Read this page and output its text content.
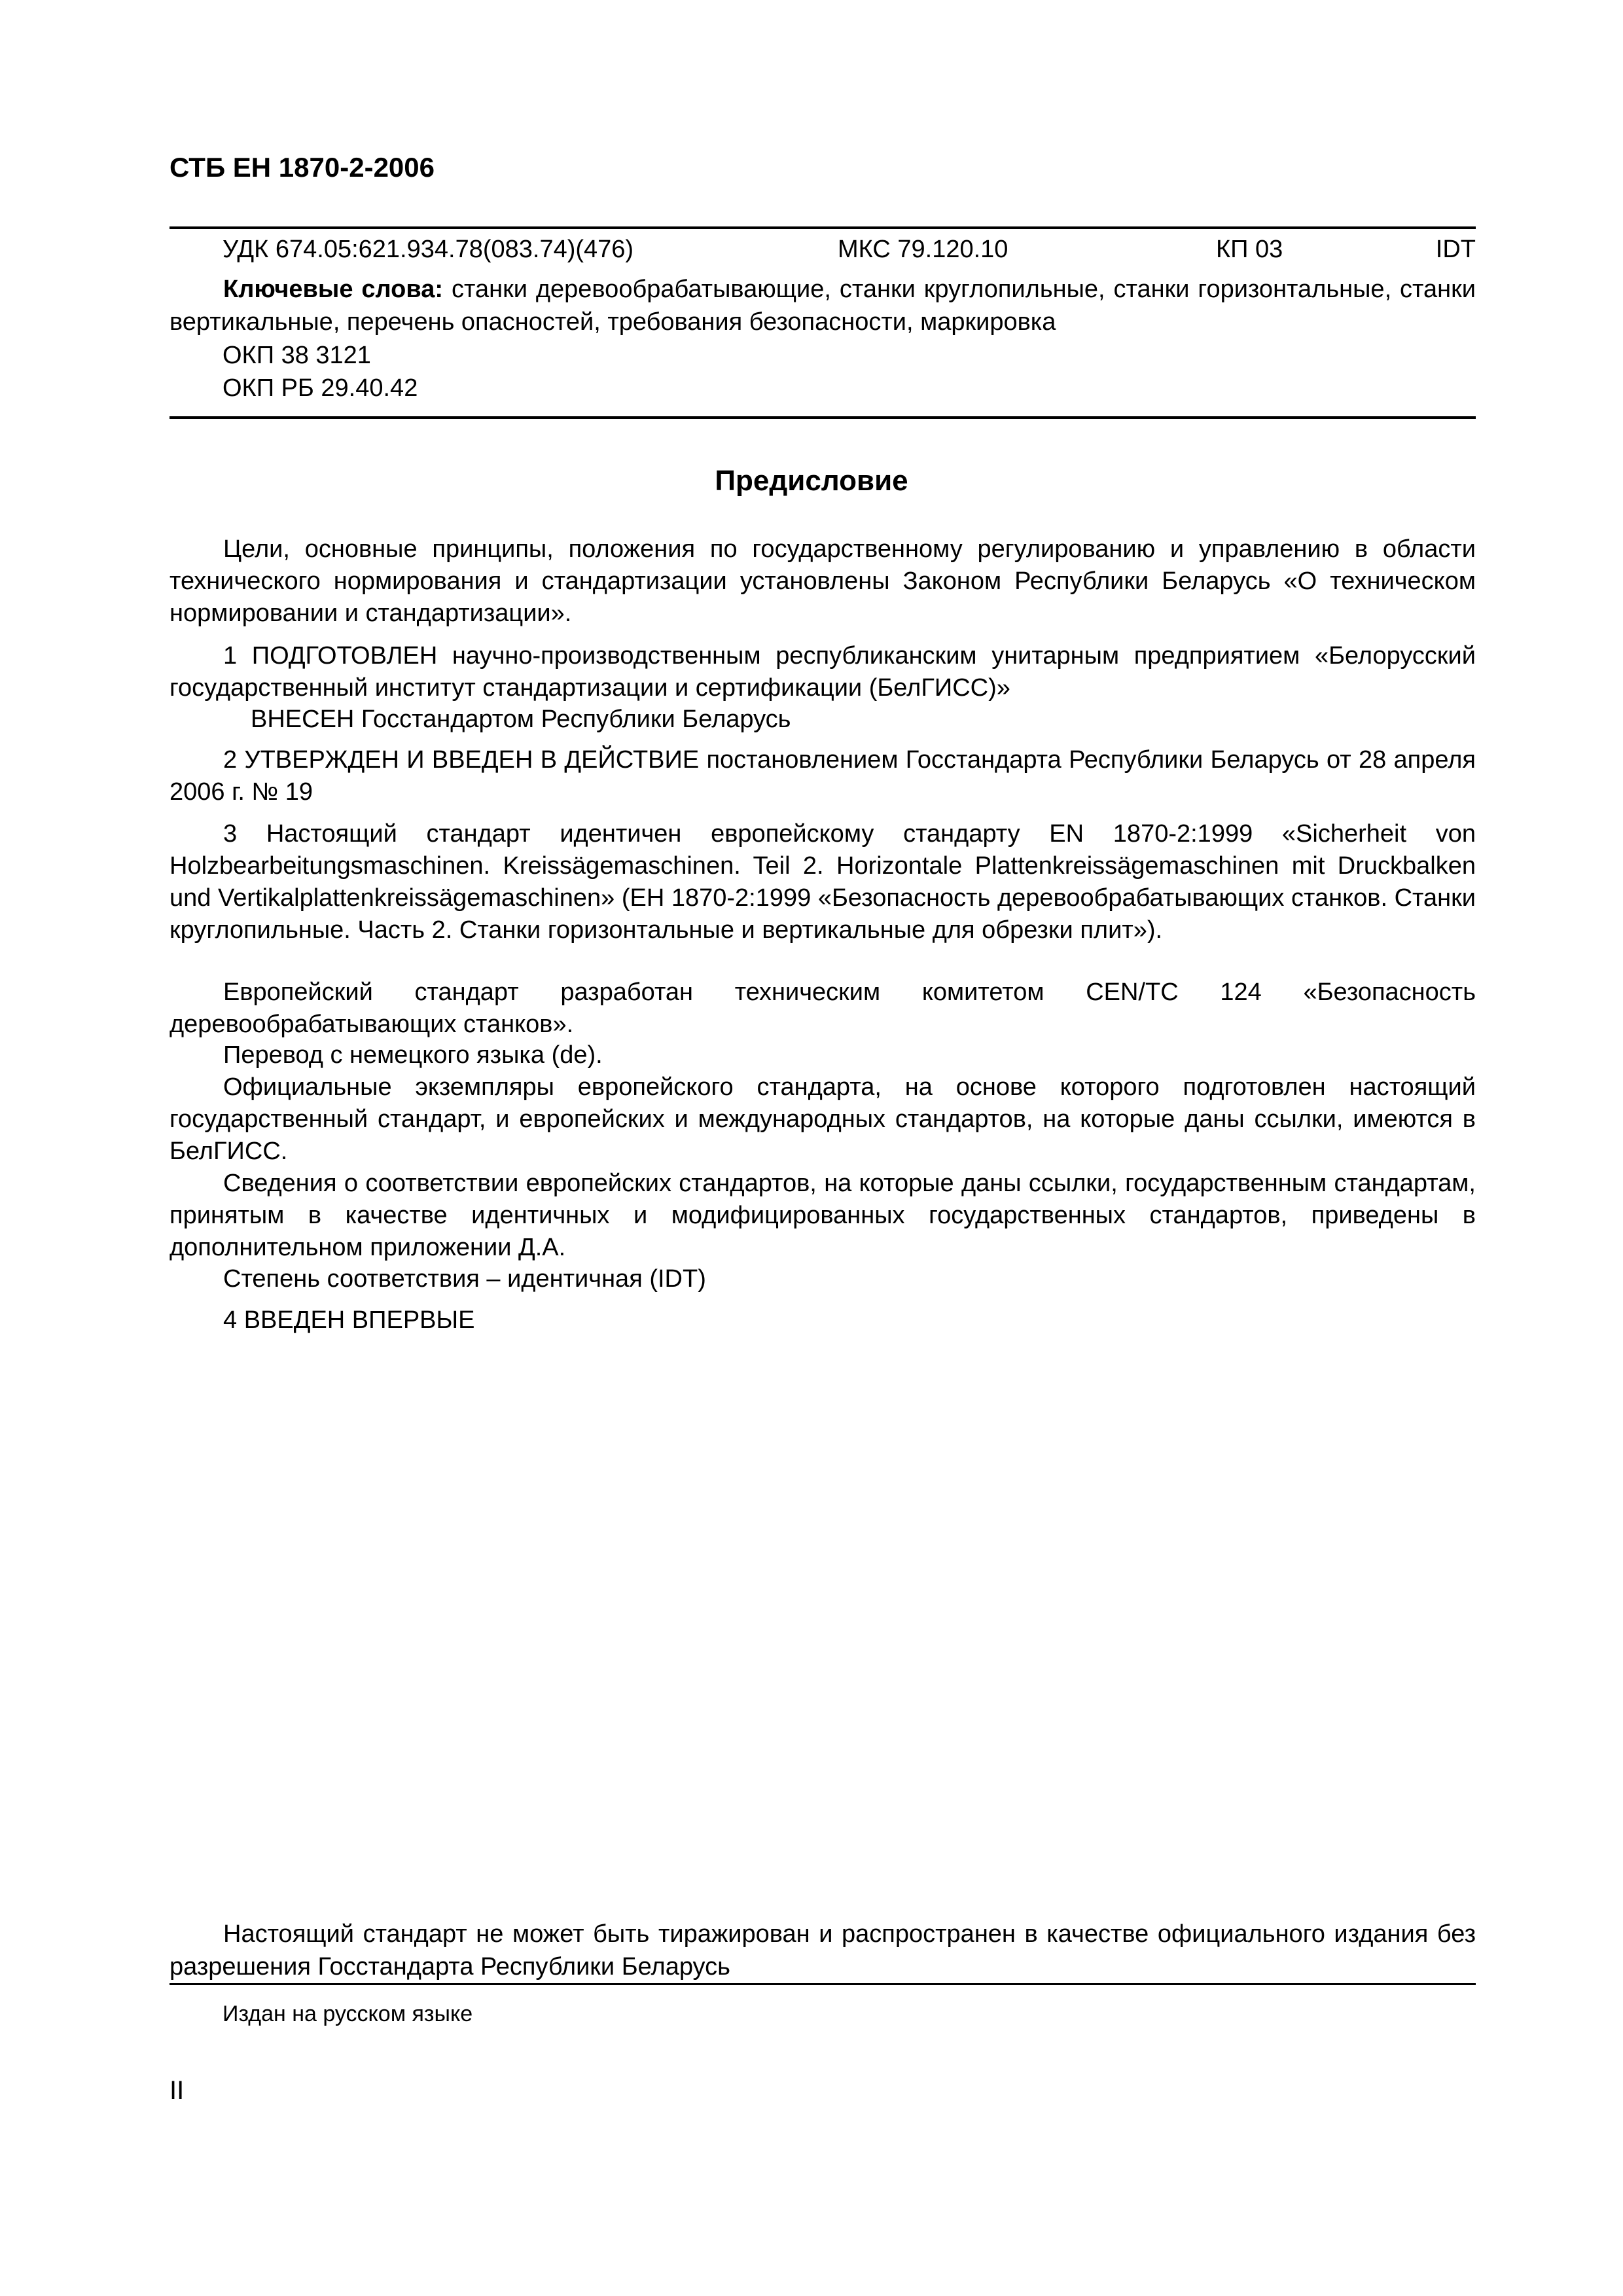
СТБ ЕН 1870-2-2006
УДК 674.05:621.934.78(083.74)(476)	МКС 79.120.10	КП 03	IDT
Ключевые слова: станки деревообрабатывающие, станки круглопильные, станки горизонтальные, станки вертикальные, перечень опасностей, требования безопасности, маркировка
ОКП 38 3121
ОКП РБ 29.40.42
Предисловие
Цели, основные принципы, положения по государственному регулированию и управлению в области технического нормирования и стандартизации установлены Законом Республики Беларусь «О техническом нормировании и стандартизации».
1 ПОДГОТОВЛЕН научно-производственным республиканским унитарным предприятием «Белорусский государственный институт стандартизации и сертификации (БелГИСС)»
ВНЕСЕН Госстандартом Республики Беларусь
2 УТВЕРЖДЕН И ВВЕДЕН В ДЕЙСТВИЕ постановлением Госстандарта Республики Беларусь от 28 апреля 2006 г. № 19
3 Настоящий стандарт идентичен европейскому стандарту EN 1870-2:1999 «Sicherheit von Holzbearbeitungsmaschinen. Kreissägemaschinen. Teil 2. Horizontale Plattenkreissägemaschinen mit Druckbalken und Vertikalplattenkreissägemaschinen» (ЕН 1870-2:1999 «Безопасность деревообрабатывающих станков. Станки круглопильные. Часть 2. Станки горизонтальные и вертикальные для обрезки плит»).
Европейский стандарт разработан техническим комитетом CEN/TC 124 «Безопасность деревообрабатывающих станков».
Перевод с немецкого языка (de).
Официальные экземпляры европейского стандарта, на основе которого подготовлен настоящий государственный стандарт, и европейских и международных стандартов, на которые даны ссылки, имеются в БелГИСС.
Сведения о соответствии европейских стандартов, на которые даны ссылки, государственным стандартам, принятым в качестве идентичных и модифицированных государственных стандартов, приведены в дополнительном приложении Д.А.
Степень соответствия – идентичная (IDT)
4 ВВЕДЕН ВПЕРВЫЕ
Настоящий стандарт не может быть тиражирован и распространен в качестве официального издания без разрешения Госстандарта Республики Беларусь
Издан на русском языке
II
